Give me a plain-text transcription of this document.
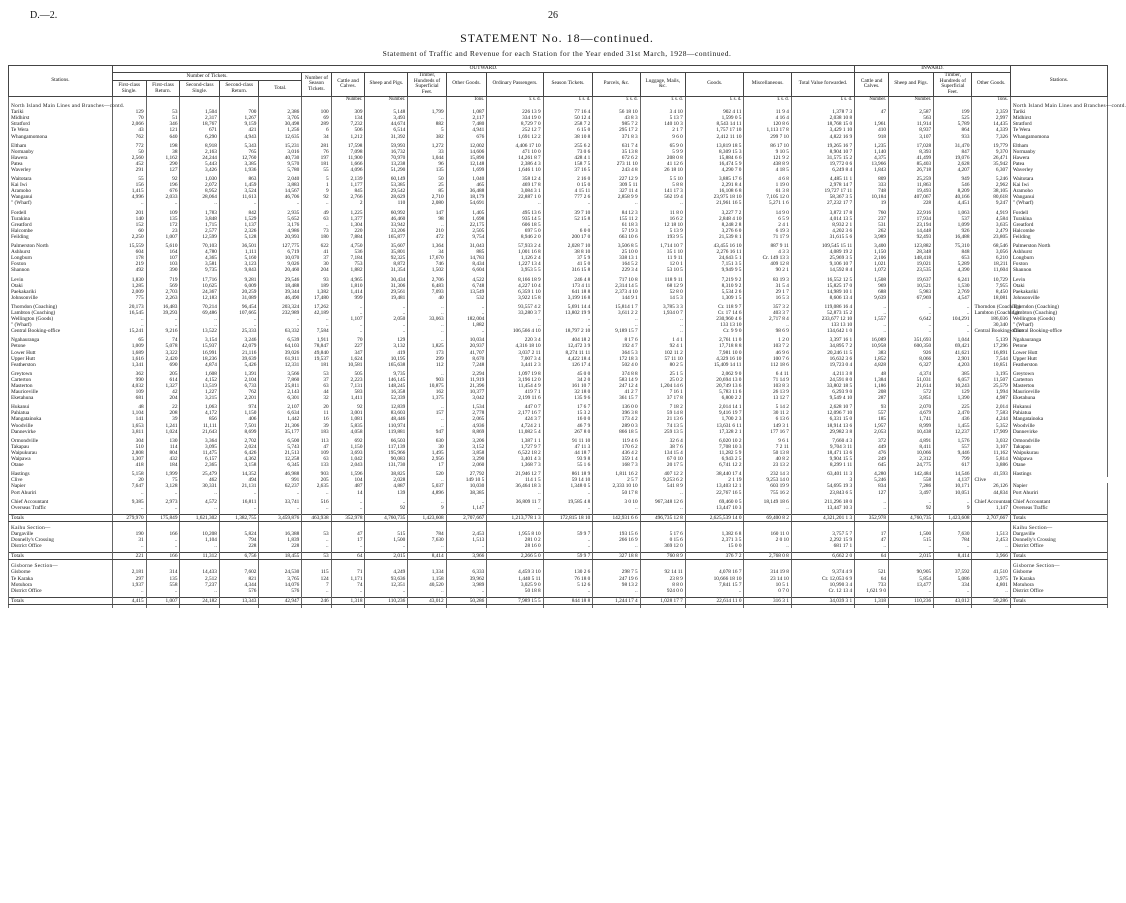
D.—2.	26
STATEMENT No. 18—continued.
Statement of Traffic and Revenue for each Station for the Year ended 31st March, 1928—continued.
Stations.	OUTWARD.																	INWARD.				Stations.
	Number of Tickets.					Number of Season Tickets.	Cattle and Calves.	Sheep and Pigs.	Timber, Hundreds of Superficial Feet.	Other Goods.	Ordinary Passengers.	Season Tickets.	Parcels, &c.	Luggage, Mails, &c.	Goods.	Miscellaneous.	Total Value forwarded.	Cattle and Calves.	Sheep and Pigs.	Timber, Hundreds of Superficial Feet.	Other Goods.	
	First-class Single.	First-class Return.	Second-class Single.	Second-class Return.	Total.																	
							Number.	Number.		Tons.	£ s. d.	£ s. d.	£ s. d.	£ s. d.	£ s. d.	£ s. d.	£ s. d.	Number.	Number.		Tons.	
North Island Main Lines and Branches—contd.																						North Island Main Lines and Branches—contd.
Tariki	129	53	1,504	700	2,386	100	309	5,148	1,799	1,087	226 13 9	77 16 4	56 18 10	3 4 10	902 4 11	11 9 4	1,378 7 3	47	2,587	199	2,359	Tariki
Midhirst	70	51	2,317	1,267	3,705	69	134	3,493	..	2,117	334 19 0	50 12 4	43 8 3	5 13 7	1,599 0 5	4 16 4	2,038 10 8		563	525	2,997	Midhirst
Stratford	2,066	346	18,767	9,159	30,498	289	7,232	44,674	882	7,480	8,729 7 0	258 7 2	985 7 2	140 10 3	8,543 14 11	120 8 6	18,768 15 0	1,961	11,914	5,789	14,435	Stratford
Te Wera	43	121	671	421	1,256	6	506	6,514	5	4,941	252 12 7	6 15 0	295 17 2	2 1 7	1,757 17 10	1,113 17 8	3,429 1 10	410	8,937	864	4,339	Te Wera
Whangamomona	762	640	6,290	4,943	12,635	34	1,212	31,392	382	676	1,691 12 2	38 10 8	371 8 3	9 6 0	2,412 11 10	299 7 10	4,822 16 9	918	3,107	933	7,326	Whangamomona

Eltham	772	198	8,918	5,343	15,231	281	17,598	59,993	1,272	12,002	4,406 17 10	255 6 2	631 7 4	65 9 0	13,819 18 5	86 17 10	19,265 16 7	1,235	17,028	31,470	19,779	Eltham
Normanby	50	38	2,163	765	3,016	76	7,098	16,732	33	14,606	471 10 0	73 0 6	35 13 8	5 9 9	8,309 15 3	9 10 5	8,904 10 7	1,140	8,393	847	9,370	Normanby
Hawera	2,560	1,162	24,244	12,760	40,730	197	11,900	70,970	1,044	15,890	14,261 8 7	428 4 1	672 6 2	208 0 8	15,884 6 6	121 9 2	31,575 15 2	4,375	41,499	19,076	26,471	Hawera
Patea	452	290	5,443	3,385	9,570	181	1,666	13,238	96	12,148	2,386 4 3	158 7 5	273 11 10	41 12 6	16,474 5 9	438 8 9	19,772 0 6	13,966	85,403	2,628	35,942	Patea
Waverley	291	127	3,426	1,936	5,780	55	4,096	51,290	135	1,699	1,646 1 10	37 16 5	243 4 8	26 18 10	4,290 7 0	4 18 5	6,249 8 4	1,843	26,718	4,207	6,307	Waverley

Waitotara	55	92	1,030	863	2,040	5	2,139	60,149	50	1,040	358 12 4	2 16 0	227 12 9	5 5 10	3,885 17 6	4 6 8	4,485 11 1	809	25,259	949	5,246	Waitotara
Kai Iwi	156	196	2,072	1,459	3,883	1	1,177	53,385	25	465	469 17 8	0 15 0	309 5 11	5 8 8	2,291 8 4	1 19 0	2,978 14 7	333	11,863	546	2,962	Kai Iwi
Aramoho	1,415	676	8,952	3,524	14,567	9	845	29,542	85	36,488	3,084 3 1	4 15 11	327 11 4	141 17 3	16,108 6 8	61 3 8	19,727 17 11	748	19,493	8,209	38,105	Aramoho
Wanganui	4,996	2,033	28,064	11,613	46,706	92	2,766	28,629	2,710	18,179	22,887 1 0	777 2 6	2,858 9 9	562 19 4	23,975 18 10	7,105 12 0	58,367 3 5	10,184	407,067	40,166	80,618	Wanganui
" (Wharf)	..	..	..	..	..	..	2	110	2,080	54,691	..	..	..	..	21,961 16 5	5,271 1 6	27,232 17 7	19	228	4,451	9,247	" (Wharf)

Fordell	201	109	1,783	842	2,935	49	1,225	60,992	147	1,405	495 13 6	39 7 10	84 12 3	11 8 0	3,227 7 2	14 9 0	3,872 17 8	760	22,916	1,063	4,919	Fordell
Turakina	140	135	3,848	1,529	5,652	63	1,377	46,460	98	1,698	935 14 5	52 15 8	155 11 2	16 6 2	2,848 4 10	6 5 9	4,014 13 5	237	17,934	537	4,584	Turakina
Greatford	152	172	1,715	1,137	3,176	..	1,304	33,942	..	22,175	606 18 5	..	61 18 3	12 18 10	8,248 2 8	2 4 1	8,932 2 1	531	23,194	1,099	3,635	Greatford
Halcombe	60	23	2,577	2,326	4,986	73	220	33,206	210	2,505	697 5 0	6 0 0	57 19 3	5 13 9	3,276 6 0	6 19 3	4,202 3 6	262	14,448	926	2,479	Halcombe
Feilding	2,250	1,007	12,599	5,128	20,993	180	7,884	165,877	472	9,754	8,946 2 0	200 17 0	663 10 6	193 9 5	21,539 8 1	71 17 9	31,615 5 6	3,989	92,493	16,488	23,805	Feilding

Palmerston North	15,559	5,610	70,103	36,501	127,775	622	4,750	35,607	1,364	31,043	57,933 2 4	2,028 7 10	3,506 8 5	1,714 10 7	43,455 16 10	887 9 11	109,545 15 11	3,400	123,882	75,310	68,546	Palmerston North
Ashhurst	604	164	4,780	1,111	6,719	41	536	35,801	34	885	1,001 16 8	38 8 10	25 10 0	35 1 10	2,276 16 11	4 3 3	4,089 19 2	1,150	28,348	848	3,056	Ashhurst
Longburn	178	107	4,365	5,160	10,070	37	7,184	92,325	17,670	14,783	1,126 2 4	37 5 9	338 13 1	11 9 11	24,643 5 1	Cr. 149 13 3	25,969 3 5	2,106	148,418	653	6,210	Longburn
Foxton	219	103	3,581	3,123	9,026	30	753	8,872	746	8,434	1,227 13 4	41 5 0	164 5 2	12 0 1	7,151 3 5	409 12 8	9,106 10 7	1,021	19,021	5,289	18,211	Foxton
Shannon	492	390	9,735	9,843	20,460	204	1,882	31,354	1,502	6,604	3,953 5 5	316 15 8	229 3 4	53 10 5	9,949 9 5	90 2 1	14,592 8 4	1,072	23,535	4,390	11,604	Shannon

Levin	1,830	719	17,716	9,281	29,546	93	4,965	30,434	2,706	4,522	8,166 18 9	246 4 8	717 10 8	118 9 11	7,219 9 2	83 19 3	16,552 12 5	1,508	19,637	6,241	10,729	Levin
Otaki	1,285	569	10,625	6,009	18,488	189	1,810	31,306	6,483	6,748	4,227 10 4	173 4 11	2,314 14 5	68 12 9	8,310 9 2	31 5 4	15,825 17 0	969	10,521	1,530	7,955	Otaki
Paekakariki	2,009	2,703	24,367	20,259	39,344	1,382	1,414	29,561	7,093	13,549	6,359 1 10	641 18 8	2,373 4 10	52 8 0	5,534 2 6	29 1 7	14,989 10 1	688	5,983	2,769	8,450	Paekakariki
Johnsonville	775	2,263	12,183	31,089	46,490	17,480	999	19,481	40	532	3,922 15 8	3,199 16 8	144 9 1	14 5 3	1,309 1 5	16 5 3	8,606 13 4	9,639	67,969	4,547	18,081	Johnsonville

Thorndon (Coaching)	20,173	16,483	70,214	96,454	203,324	17,262	..	..	..	..	93,557 4 2	5,691 14 4	15,814 1 7	3,785 3 3	Cr. 118 9 7	357 3 2	119,086 16 4	..	..	..	Thorndon (Coaching)	Thorndon (Coaching)
Lambton (Coaching)	16,545	39,293	69,486	107,665	232,989	42,189	..	..	..	..	33,280 3 7	13,802 19 9	3,611 2 2	1,934 0 7	Cr. 17 14 6	403 3 7	52,873 15 2	..	..	..	Lambton (Coaching)	Lambton (Coaching)
Wellington (Goods)	..	..	..	..	..	..	1,107	2,050	33,063	182,004	..	..	..	..	230,960 4 6	2,717 8 4	233,677 12 10	1,557	6,642	104,291	186,036	Wellington (Goods)
" (Wharf)	..	..	..	..	..	..	..	..	..	1,882	..	..	..	..	133 13 10	..	133 13 10	..	..	..	30,340	" (Wharf)
Central Booking-office	15,241	9,216	13,522	25,333	63,332	7,584	..	..	..	..	106,566 4 10	18,797 2 10	9,189 15 7	..	Cr. 9 9 0	98 6 9	134,642 1 0	..	..	..	Central Booking-office	Central Booking-office

Ngahauranga	65	74	3,154	3,246	6,539	1,911	70	129	..	10,034	220 3 4	404 18 2	8 17 6	1 4 1	2,761 11 0	1 2 0	3,397 16 1	16,089	351,693	1,044	5,139	Ngahauranga
Petone	1,009	5,078	15,937	42,079	64,103	78,847	227	3,132	1,825	20,937	4,316 18 10	12,472 3 9	192 4 7	92 4 1	17,718 8 8	103 7 2	34,895 7 2	10,958	600,350	69,421	17,296	Petone
Lower Hutt	1,689	3,322	16,991	21,116	39,026	49,840	347	419	173	41,707	3,037 2 11	8,274 11 11	364 5 3	102 11 2	7,981 10 0	46 9 6	20,246 11 5	383	926	41,621	16,891	Lower Hutt
Upper Hutt	1,616	2,420	18,236	39,639	61,911	19,537	1,624	10,195	299	8,670	7,007 3 4	4,422 18 4	172 18 3	57 11 10	4,329 16 10	100 7 6	16,632 3 6	1,852	8,066	2,901	7,544	Upper Hutt
Featherston	1,341	690	4,874	5,426	12,331	181	10,581	165,638	112	7,248	3,441 2 3	126 17 4	502 4 0	80 2 5	15,409 14 11	112 18 6	19,723 0 4	4,828	6,327	4,203	10,851	Featherston

Greytown	362	205	1,608	1,391	3,566	53	505	9,735	..	2,294	1,097 19 8	45 0 0	374 8 8	25 1 5	2,062 9 0	6 4 11	4,211 3 8	48	4,374	385	3,195	Greytown
Carterton	990	614	4,152	2,104	7,860	37	2,223	146,145	903	11,919	3,196 12 0	34 2 0	583 14 9	25 0 2	20,694 13 0	71 14 9	24,591 8 0	1,384	51,031	6,057	11,507	Carterton
Masterton	4,032	1,327	13,519	6,733	25,811	63	7,131	148,245	10,875	21,396	11,454 4 9	161 10 7	247 12 4	1,204 14 6	20,749 13 6	103 8 3	33,802 18 5	1,186	21,614	10,243	25,579	Masterton
Mauriceville	109	42	1,227	762	2,143	44	583	16,358	162	10,377	419 7 1	32 18 0	41 2 7	7 16 1	5,783 11 6	26 13 9	6,293 9 0	208	572	129	1,994	Mauriceville
Eketahuna	681	204	3,215	2,201	6,301	32	1,411	52,339	1,375	3,042	2,199 11 6	135 9 6	361 15 7	37 17 8	6,800 2 2	13 12 7	9,549 4 10	287	3,851	1,390	4,987	Eketahuna

Hukanui	48	22	1,063	974	2,107	20	92	12,839	..	1,534	447 0 7	17 6 7	136 0 0	7 18 2	2,014 14 1	5 14 2	2,628 10 7	93	2,070	225	2,014	Hukanui
Pahiatua	1,104	208	4,172	1,150	6,634	11	3,001	83,603	157	2,778	2,177 16 7	15 3 2	396 3 8	59 14 8	9,416 19 7	30 11 2	12,096 7 10	557	4,679	2,470	7,583	Pahiatua
Mangatainoka	141	39	856	406	1,442	16	1,081	48,446	..	2,065	424 3 7	16 0 0	173 4 2	21 13 6	1,700 2 3	6 13 6	6,331 15 0	185	1,741	436	4,244	Mangatainoka
Woodville	1,653	1,241	11,111	7,501	21,306	39	5,835	110,974	..	4,936	4,724 2 1	46 7 9	289 0 3	74 13 5	13,631 6 11	149 3 1	18,914 13 6	1,957	8,999	1,455	5,352	Woodville
Dannevirke	3,811	1,024	21,643	8,699	35,177	183	4,058	119,881	947	8,869	11,082 5 4	267 8 0	866 18 5	259 13 5	17,328 2 1	177 16 7	29,982 3 8	2,053	10,438	12,237	17,909	Dannevirke

Ormondville	304	130	3,364	2,702	6,500	113	692	66,503	630	3,206	1,387 1 1	91 11 10	119 4 6	32 6 4	6,020 10 2	9 6 1	7,660 4 3	372	4,891	1,576	3,032	Ormondville
Takapau	510	114	3,095	2,024	5,743	47	1,150	117,139	30	3,152	1,727 9 7	47 11 3	170 6 2	38 7 6	7,708 10 3	7 2 11	9,704 3 11	449	8,411	557	3,107	Takapau
Waipukurau	2,808	804	11,475	6,426	21,513	109	3,693	195,966	1,495	3,858	6,522 18 2	44 18 7	436 4 2	134 15 4	11,282 5 9	50 13 8	18,471 13 6	476	10,066	9,446	11,162	Waipukurau
Waipawa	1,307	432	6,157	4,362	12,258	63	1,042	90,083	2,956	3,290	3,401 4 3	93 9 8	359 1 4	67 0 10	6,943 2 5	40 8 2	9,904 15 5	249	2,312	799	5,814	Waipawa
Otane	418	184	2,365	3,158	6,345	133	2,043	131,730	17	2,060	1,368 7 3	55 1 6	168 7 3	20 17 5	6,741 12 2	23 13 2	8,299 1 11	645	24,775	617	3,886	Otane

Hastings	5,158	1,999	25,479	14,352	46,988	903	1,596	38,825	520	27,792	21,946 12 7	861 18 9	1,811 16 2	407 12 2	38,440 17 4	232 14 3	63,401 11 3	4,280	142,484	14,546	41,593	Hastings
Clive	20	75	462	494	991	205	104	2,028	..	149 10 5	114 1 5	59 14 10	2 5 7	9,253 6 2	2 1 19	9,253 14 0	3	5,246	558	4,137	Clive	
Napier	7,647	3,128	30,331	21,131	62,237	2,635	487	4,887	5,037	10,030	36,464 18 3	1,348 0 5	2,333 10 10	541 8 9	13,403 12 1	603 19 9	54,695 19 3	834	7,286	10,171	26,126	Napier
Port Ahuriri	..	..	..	..	..	..	14	139	4,896	38,385	..	..	50 17 8	..	22,767 16 5	755 16 2	23,843 6 5	127	3,497	10,051	44,834	Port Ahuriri

Chief Accountant	9,385	2,973	4,572	16,811	33,741	516	..	..	..	..	36,809 11 7	19,585 4 8	3 0 10	967,348 12 6	69,460 0 5	18,149 18 6	211,296 18 0	..	..	..	Chief Accountant	Chief Accountant
Overseas Traffic	..	..	..	..	..	..	..	92	9	1,147	..	..	..	..	13,447 10 3	..	13,447 10 3	..	92	9	1,147	Overseas Traffic

Totals	279,970	175,849	1,621,302	1,382,755	3,459,876	463,938	352,978	4,760,735	1,423,608	2,707,667	1,213,778 1 3	172,815 18 10	142,931 6 6	496,735 12 8	2,625,539 14 0	69,400 8 2	4,321,201 1 3	352,978	4,760,735	1,423,608	2,707,667	Totals

Kaihu Section—																						Kaihu Section—
Dargaville	190	166	10,208	5,824	16,388	53	47	515	784	2,453	1,955 8 10	59 9 7	193 15 6	5 17 6	1,382 6 8	160 11 0	3,757 5 7	17	1,500	7,630	1,513	Dargaville
Donnelly's Crossing	31	..	1,104	794	1,839	..	17	1,500	7,630	1,513	281 0 2	..	266 16 9	0 15 6	2,371 3 5	2 0 10	2,292 15 9	47	515	784	2,453	Donnelly's Crossing
District Office	..	..	..	228	228	..	..	..	..	..	28 16 0	..	..	369 12 0	15 0 0	..	681 17 1	..	..	..	..	District Office

Totals	221	166	11,312	6,756	18,455	53	64	2,015	8,414	3,966	2,266 5 0	59 9 7	327 18 8	760 8 9	376 7 2	2,768 0 8	6,662 2 0	64	2,015	8,414	3,966	Totals

Gisborne Section—																						Gisborne Section—
Gisborne	2,181	314	14,433	7,602	24,530	115	71	4,249	1,334	6,333	4,459 3 10	130 2 6	298 7 5	92 14 11	4,078 16 7	314 19 8	9,374 4 9	521	90,905	37,592	41,510	Gisborne
Te Karaka	297	135	2,512	821	3,765	124	1,171	93,636	1,158	39,962	1,440 5 11	76 18 0	247 19 6	23 8 9	10,666 18 10	23 14 10	Cr. 12,053 6 9	64	5,854	5,086	3,975	Te Karaka
Motuhora	1,937	558	7,237	4,344	14,076	7	74	12,351	40,520	3,989	3,025 9 0	5 12 6	98 13 2	8 8 0	7,841 15 7	10 5 1	10,990 3 4	733	13,477	334	4,801	Motuhora
District Office	..	..	..	576	576	..	..	..	..	..	50 18 8	..	..	924 0 0	..	0 7 0	Cr. 12 13 4	1,621 9 0	..	..	..	District Office

Totals	4,415	1,007	24,182	13,343	42,947	246	1,318	110,236	43,012	50,286	7,989 15 5	844 18 8	1,244 17 4	1,028 17 7	22,614 11 0	316 3 1	34,039 3 1	1,318	110,236	43,012	50,286	Totals
